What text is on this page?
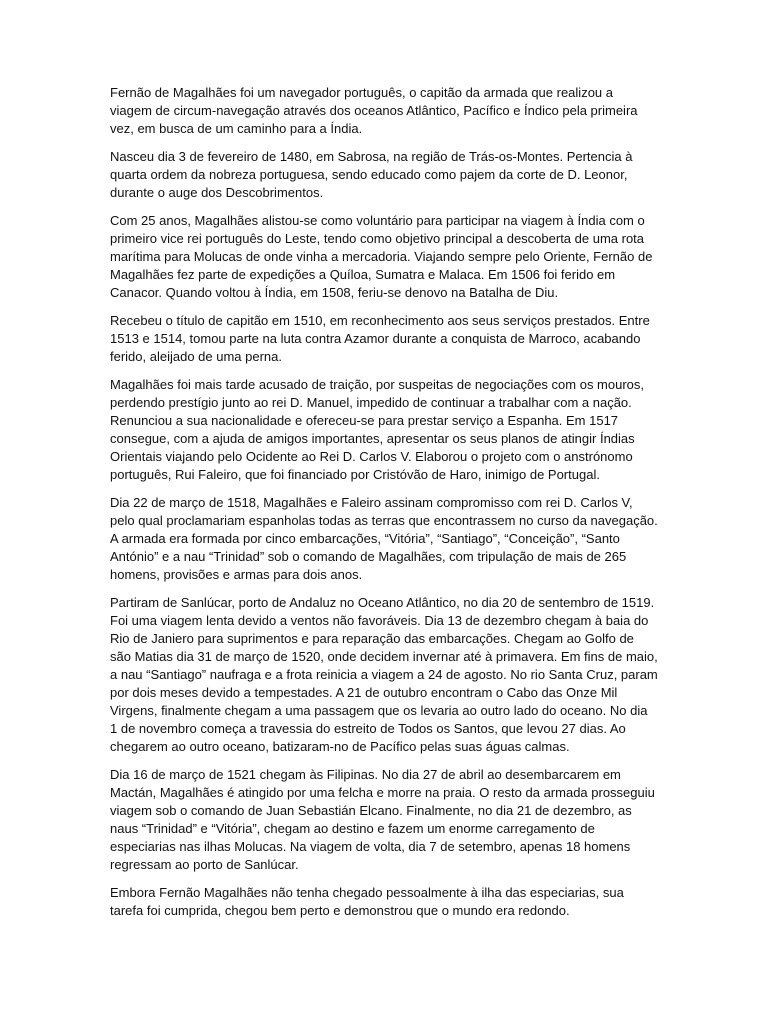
Fernão de Magalhães foi um navegador português, o capitão da armada que realizou a viagem de circum-navegação através dos oceanos Atlântico, Pacífico e Índico pela primeira vez, em busca de um caminho para a Índia.

Nasceu dia 3 de fevereiro de 1480, em Sabrosa, na região de Trás-os-Montes. Pertencia à quarta ordem da nobreza portuguesa, sendo educado como pajem da corte de D. Leonor, durante o auge dos Descobrimentos.

Com 25 anos, Magalhães alistou-se como voluntário para participar na viagem à Índia com o primeiro vice rei português do Leste, tendo como objetivo principal a descoberta de uma rota marítima para Molucas de onde vinha a mercadoria. Viajando sempre pelo Oriente, Fernão de Magalhães fez parte de expedições a Quíloa, Sumatra e Malaca. Em 1506 foi ferido em Canacor. Quando voltou à Índia, em 1508, feriu-se denovo na Batalha de Diu.

Recebeu o título de capitão em 1510, em reconhecimento aos seus serviços prestados. Entre 1513 e 1514, tomou parte na luta contra Azamor durante a conquista de Marroco, acabando ferido, aleijado de uma perna.

Magalhães foi mais tarde acusado de traição, por suspeitas de negociações com os mouros, perdendo prestígio junto ao rei D. Manuel, impedido de continuar a trabalhar com a nação. Renunciou a sua nacionalidade e ofereceu-se para prestar serviço a Espanha. Em 1517 consegue, com a ajuda de amigos importantes, apresentar os seus planos de atingir Índias Orientais viajando pelo Ocidente ao Rei D. Carlos V. Elaborou o projeto com o anstrónomo português, Rui Faleiro, que foi financiado por Cristóvão de Haro, inimigo de Portugal.

Dia 22 de março de 1518, Magalhães e Faleiro assinam compromisso com rei D. Carlos V, pelo qual proclamariam espanholas todas as terras que encontrassem no curso da navegação. A armada era formada por cinco embarcações, “Vitória”, “Santiago”, “Conceição”, “Santo António” e a nau “Trinidad” sob o comando de Magalhães, com tripulação de mais de 265 homens, provisões e armas para dois anos.

Partiram de Sanlúcar, porto de Andaluz no Oceano Atlântico, no dia 20 de sentembro de 1519. Foi uma viagem lenta devido a ventos não favoráveis. Dia 13 de dezembro chegam à baia do Rio de Janiero para suprimentos e para reparação das embarcações. Chegam ao Golfo de são Matias dia 31 de março de 1520, onde decidem invernar até à primavera. Em fins de maio, a nau “Santiago” naufraga e a frota reinicia a viagem a 24 de agosto. No rio Santa Cruz, param por dois meses devido a tempestades. A 21 de outubro encontram o Cabo das Onze Mil Virgens, finalmente chegam a uma passagem que os levaria ao outro lado do oceano. No dia 1 de novembro começa a travessia do estreito de Todos os Santos, que levou 27 dias. Ao chegarem ao outro oceano, batizaram-no de Pacífico pelas suas águas calmas.

Dia 16 de março de 1521 chegam às Filipinas. No dia 27 de abril ao desembarcarem em Mactán, Magalhães é atingido por uma felcha e morre na praia. O resto da armada prosseguiu viagem sob o comando de Juan Sebastián Elcano. Finalmente, no dia 21 de dezembro, as naus “Trinidad” e “Vitória”, chegam ao destino e fazem um enorme carregamento de especiarias nas ilhas Molucas. Na viagem de volta, dia 7 de setembro, apenas 18 homens regressam ao porto de Sanlúcar.

Embora Fernão Magalhães não tenha chegado pessoalmente à ilha das especiarias, sua tarefa foi cumprida, chegou bem perto e demonstrou que o mundo era redondo.
